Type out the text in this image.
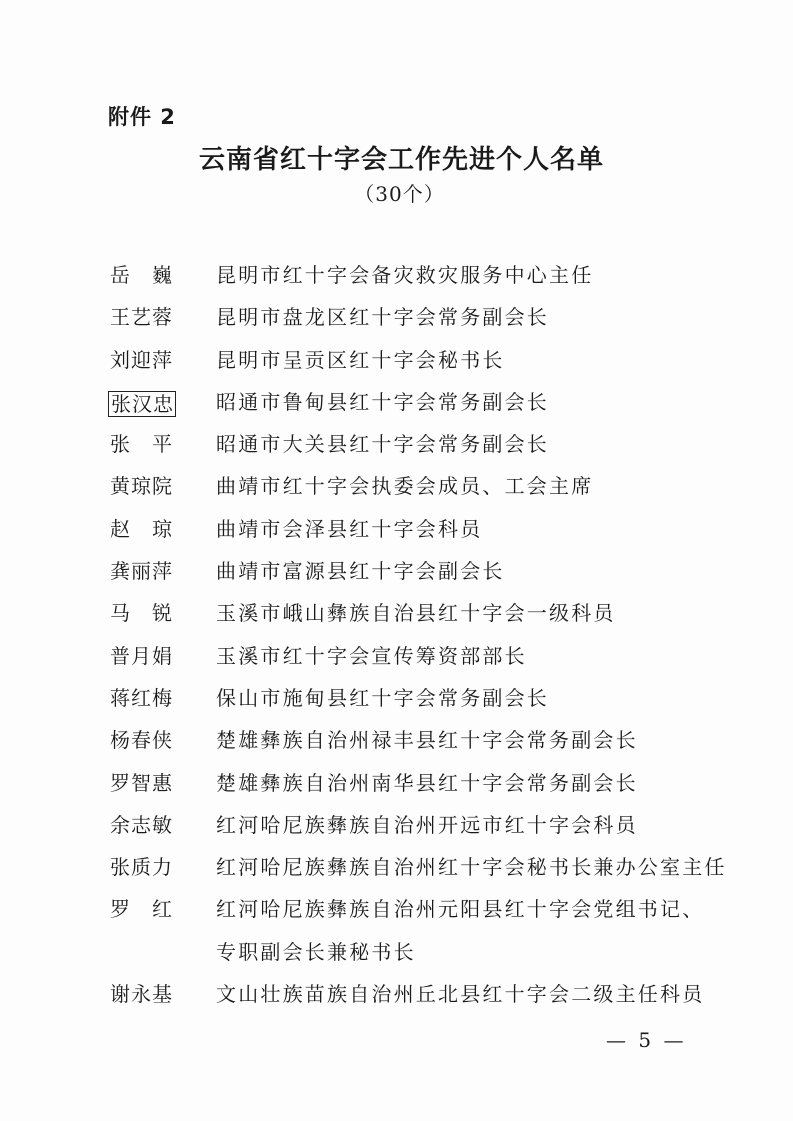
附件 2
云南省红十字会工作先进个人名单
（30个）
岳　巍 昆明市红十字会备灾救灾服务中心主任
王艺蓉 昆明市盘龙区红十字会常务副会长
刘迎萍 昆明市呈贡区红十字会秘书长
张汉忠 昭通市鲁甸县红十字会常务副会长
张　平 昭通市大关县红十字会常务副会长
黄琼院 曲靖市红十字会执委会成员、工会主席
赵　琼 曲靖市会泽县红十字会科员
龚丽萍 曲靖市富源县红十字会副会长
马　锐 玉溪市峨山彝族自治县红十字会一级科员
普月娟 玉溪市红十字会宣传筹资部部长
蒋红梅 保山市施甸县红十字会常务副会长
杨春侠 楚雄彝族自治州禄丰县红十字会常务副会长
罗智惠 楚雄彝族自治州南华县红十字会常务副会长
余志敏 红河哈尼族彝族自治州开远市红十字会科员
张质力 红河哈尼族彝族自治州红十字会秘书长兼办公室主任
罗　红 红河哈尼族彝族自治州元阳县红十字会党组书记、
专职副会长兼秘书长
谢永基 文山壮族苗族自治州丘北县红十字会二级主任科员
— 5 —
